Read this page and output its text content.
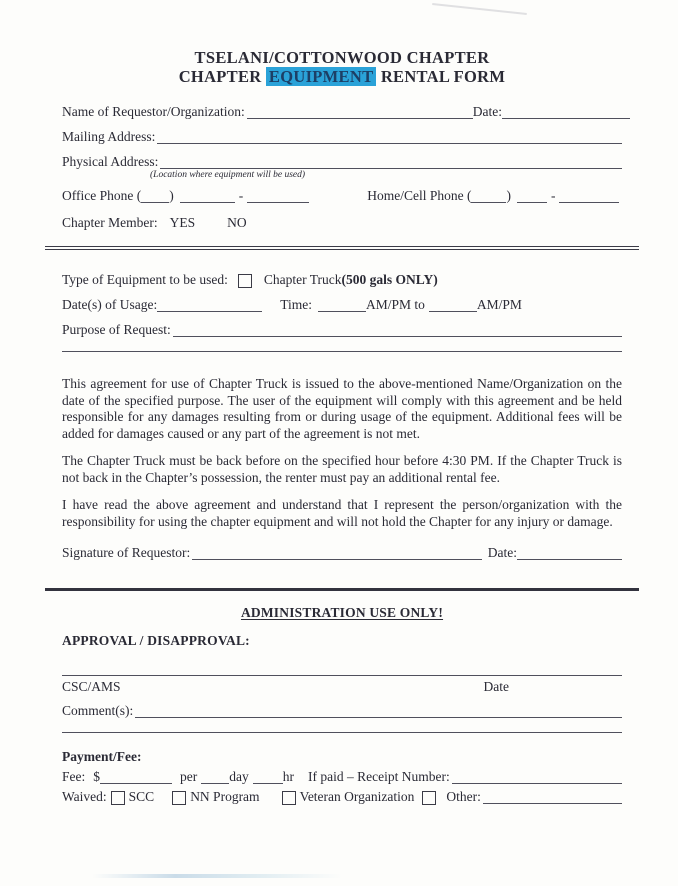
TSELANI/COTTONWOOD CHAPTER
CHAPTER EQUIPMENT RENTAL FORM
Name of Requestor/Organization:	Date:
Mailing Address:
Physical Address:
(Location where equipment will be used)
Office Phone ( )	-	Home/Cell Phone (	)	-
Chapter Member: YES NO
Type of Equipment to be used:	Chapter Truck (500 gals ONLY)
Date(s) of Usage:	Time:	AM/PM to	AM/PM
Purpose of Request:
This agreement for use of Chapter Truck is issued to the above-mentioned Name/Organization on the date of the specified purpose. The user of the equipment will comply with this agreement and be held responsible for any damages resulting from or during usage of the equipment. Additional fees will be added for damages caused or any part of the agreement is not met.
The Chapter Truck must be back before on the specified hour before 4:30 PM. If the Chapter Truck is not back in the Chapter’s possession, the renter must pay an additional rental fee.
I have read the above agreement and understand that I represent the person/organization with the responsibility for using the chapter equipment and will not hold the Chapter for any injury or damage.
Signature of Requestor:	Date:
ADMINISTRATION USE ONLY!
APPROVAL / DISAPPROVAL:
CSC/AMS	Date
Comment(s):
Payment/Fee:
Fee: $	per day	hr If paid – Receipt Number:
Waived: SCC	NN Program	Veteran Organization Other:
